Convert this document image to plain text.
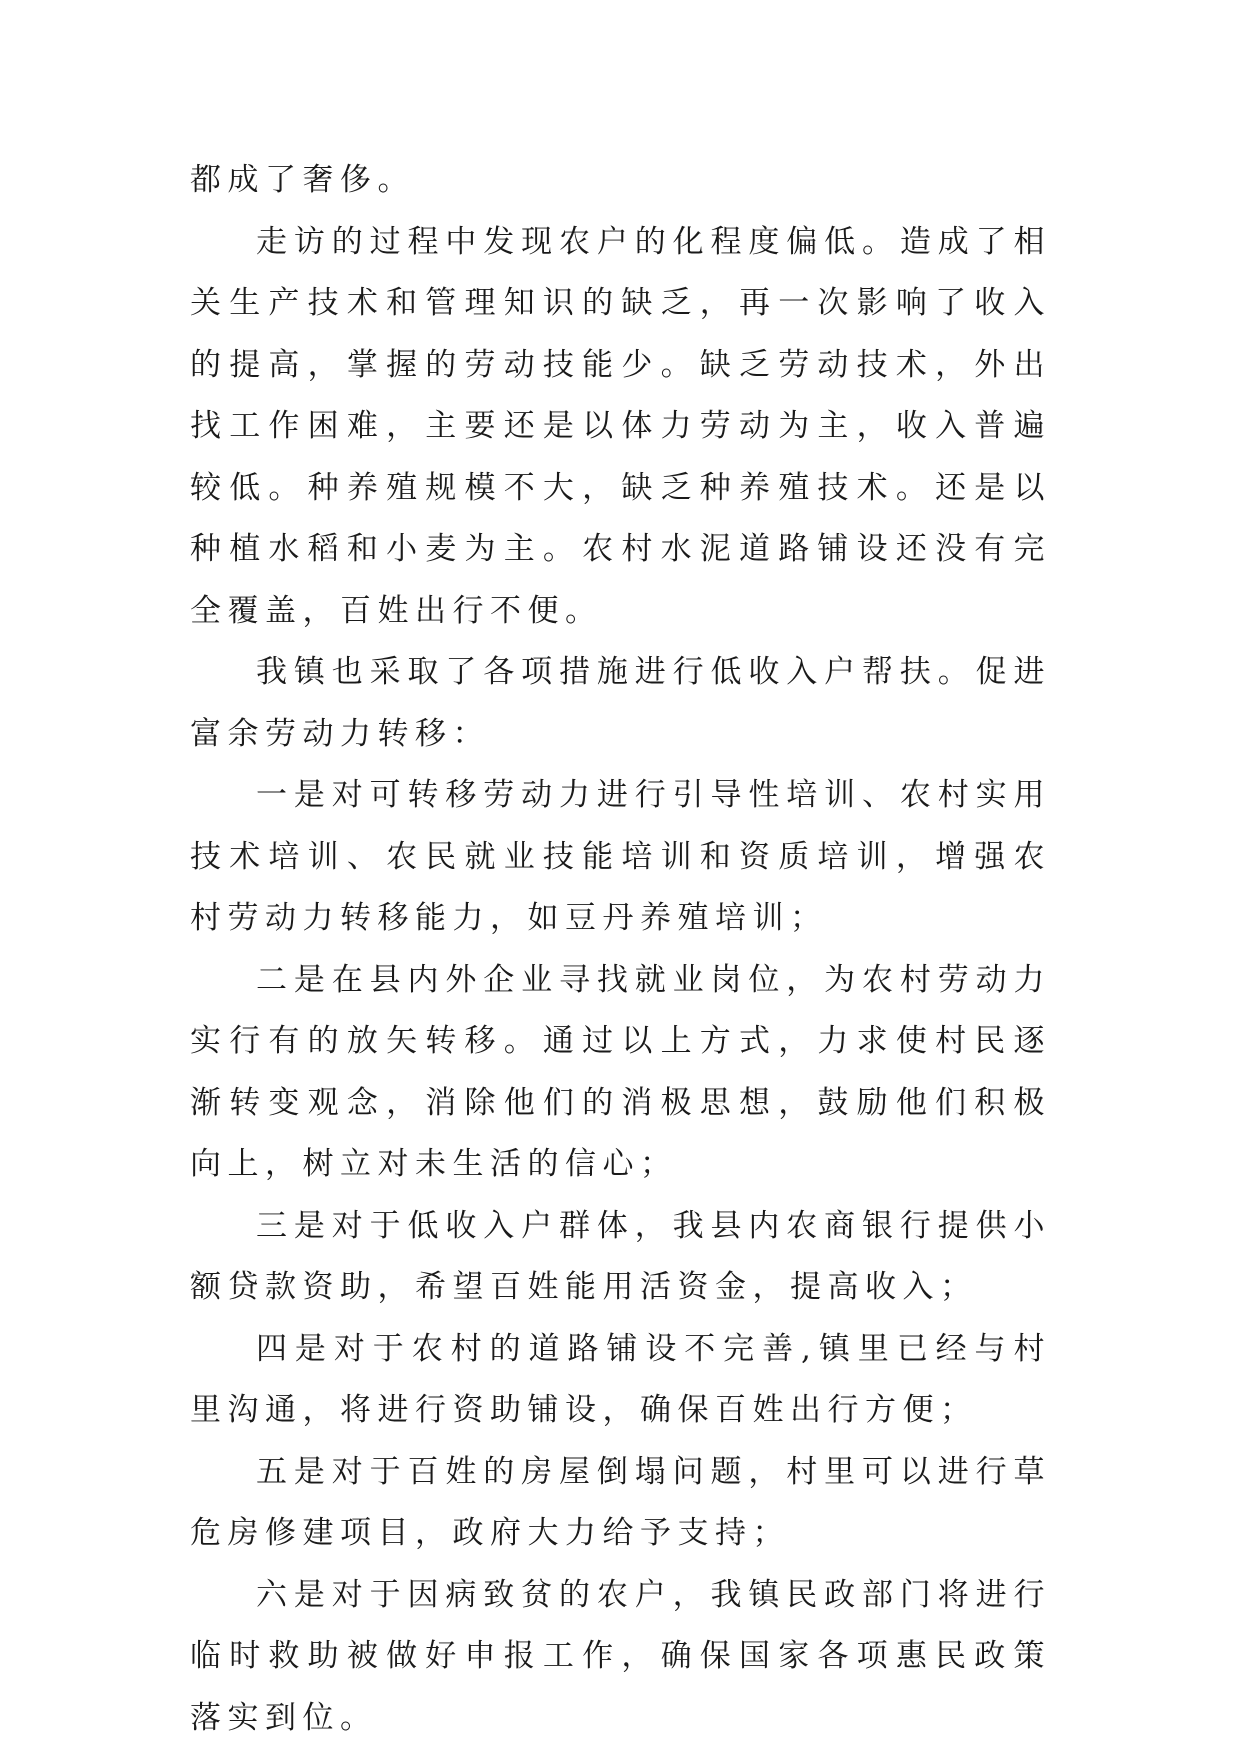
都成了奢侈。

走访的过程中发现农户的化程度偏低。造成了相关生产技术和管理知识的缺乏，再一次影响了收入的提高，掌握的劳动技能少。缺乏劳动技术，外出找工作困难，主要还是以体力劳动为主，收入普遍较低。种养殖规模不大，缺乏种养殖技术。还是以种植水稻和小麦为主。农村水泥道路铺设还没有完全覆盖，百姓出行不便。

我镇也采取了各项措施进行低收入户帮扶。促进富余劳动力转移：

一是对可转移劳动力进行引导性培训、农村实用技术培训、农民就业技能培训和资质培训，增强农村劳动力转移能力，如豆丹养殖培训；

二是在县内外企业寻找就业岗位，为农村劳动力实行有的放矢转移。通过以上方式，力求使村民逐渐转变观念，消除他们的消极思想，鼓励他们积极向上，树立对未生活的信心；

三是对于低收入户群体，我县内农商银行提供小额贷款资助，希望百姓能用活资金，提高收入；

四是对于农村的道路铺设不完善,镇里已经与村里沟通，将进行资助铺设，确保百姓出行方便；

五是对于百姓的房屋倒塌问题，村里可以进行草危房修建项目，政府大力给予支持；

六是对于因病致贫的农户，我镇民政部门将进行临时救助被做好申报工作，确保国家各项惠民政策落实到位。
